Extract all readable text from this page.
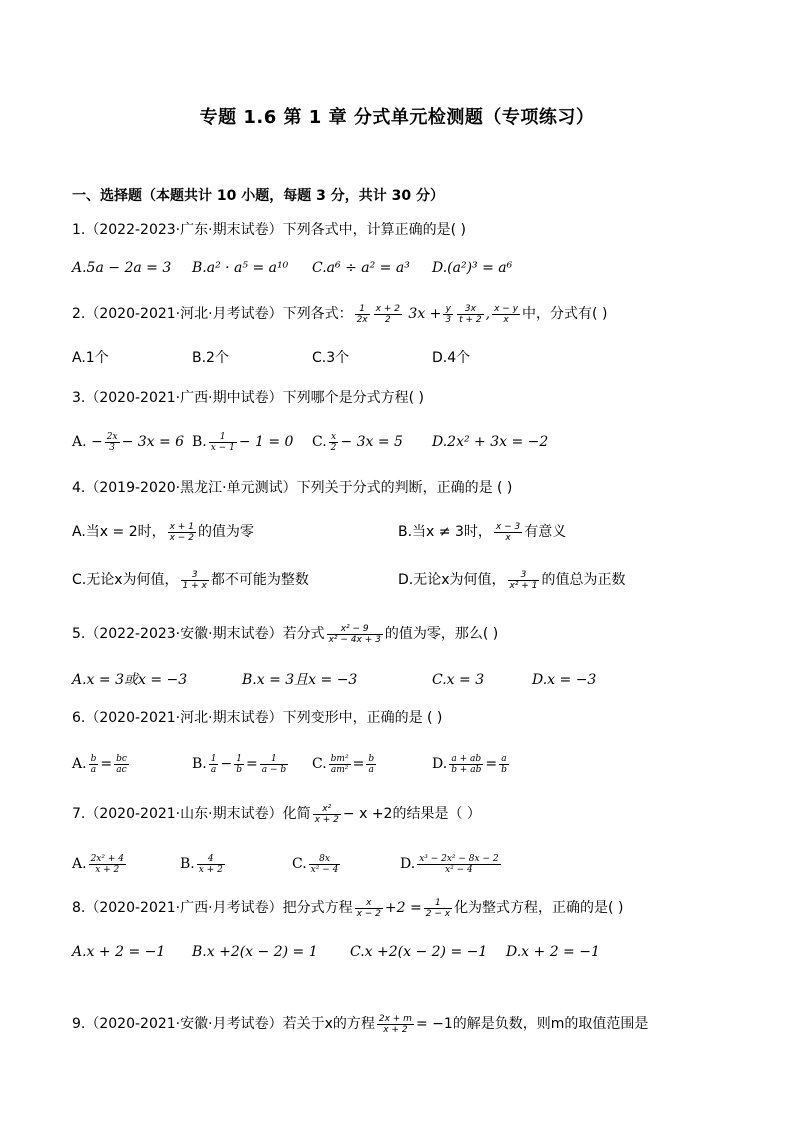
专题 1.6 第 1 章 分式单元检测题（专项练习）
一、选择题（本题共计 10 小题，每题 3 分，共计 30 分）
1.（2022-2023·广东·期末试卷）下列各式中，计算正确的是( )
A.5a − 2a = 3 B.a² · a⁵ = a¹⁰ C.a⁶ ÷ a² = a³ D.(a²)³ = a⁶
2.（2020-2021·河北·月考试卷）下列各式： $\frac{1}{2x} \frac{x + 2}{2} 3x + \frac{y}{3} \frac{3x}{t + 2}$ , $\frac{x - y}{x}$ 中，分式有( )
A.1个	B.2个	C.3个	D.4个
3.（2020-2021·广西·期中试卷）下列哪个是分式方程( )
A. − $\frac{2x}{3} - 3x = 6$ B. $\frac{1}{x - 1} - 1 = 0$ C. $\frac{x}{2} - 3x = 5$ D.2x² + 3x = −2
4.（2019-2020·黑龙江·单元测试）下列关于分式的判断，正确的是 ( )
A.当x = 2时， $\frac{x + 1}{x - 2}$ 的值为零	B.当x ≠ 3时， $\frac{x - 3}{x}$ 有意义
C.无论x为何值， $\frac{3}{1 + x}$ 都不可能为整数	D.无论x为何值， $\frac{3}{\text{x² + 1}}$ 的值总为正数
5.（2022-2023·安徽·期末试卷）若分式 $\frac{\text{x² − 9}}{\text{x² − 4x + 3}}$ 的值为零，那么( )
A.x = 3或x = −3	B.x = 3且x = −3	C.x = 3	D.x = −3
6.（2020-2021·河北·期末试卷）下列变形中，正确的是 ( )
A. $\frac{b}{a} = \frac{bc}{ac}$	B. $\frac{1}{a} - \frac{1}{b} = \frac{1}{a - b} C$. $\frac{\text{bm²}}{\text{am²}} = \frac{b}{a}$	D. $\frac{a + ab}{b + ab} = \frac{a}{b}$
7.（2020-2021·山东·期末试卷）化简 $\frac{\text{x²}}{x + 2} - x +2$的结果是（ ）
A. $\frac{\text{2x² + 4}}{x + 2}$	B. $\frac{4}{x + 2}$	C. $\frac{8x}{\text{x² − 4}}$	D. $\frac{\text{x³ − 2x² − 8x − 2}}{\text{x² − 4}}$
8.（2020-2021·广西·月考试卷）把分式方程 $\frac{x}{x - 2} +2 = \frac{1}{2 - x}$ 化为整式方程，正确的是( )
A.x + 2 = −1 B.x +2(x − 2) = 1 C.x +2(x − 2) = −1 D.x + 2 = −1
9.（2020-2021·安徽·月考试卷）若关于x的方程 $\frac{2x + m}{x + 2} = -1$的解是负数，则m的取值范围是
